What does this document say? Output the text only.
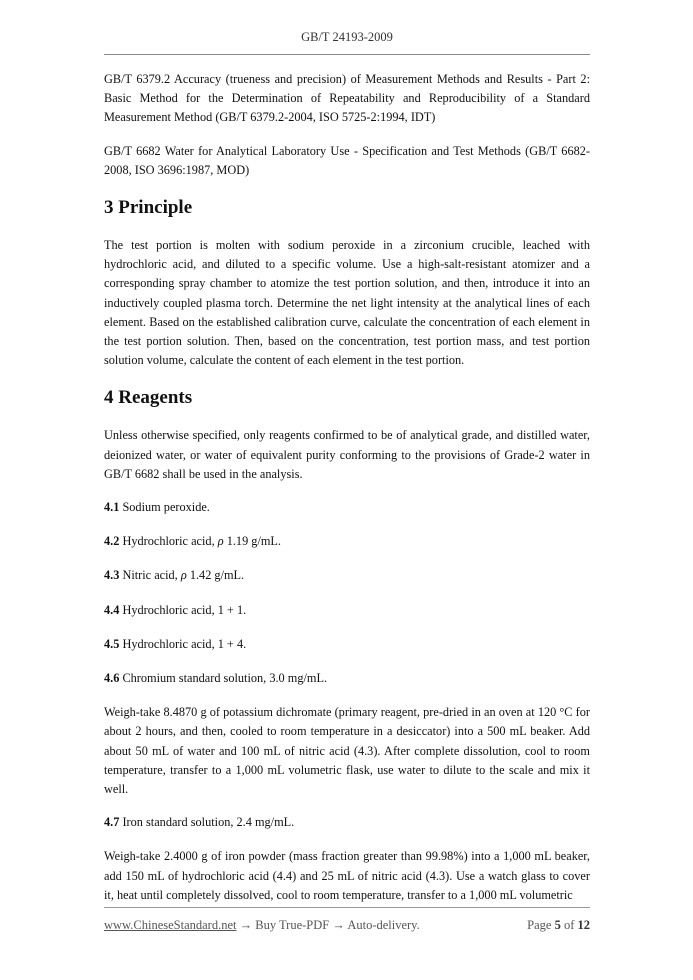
GB/T 24193-2009

GB/T 6379.2 Accuracy (trueness and precision) of Measurement Methods and Results - Part 2: Basic Method for the Determination of Repeatability and Reproducibility of a Standard Measurement Method (GB/T 6379.2-2004, ISO 5725-2:1994, IDT)

GB/T 6682 Water for Analytical Laboratory Use - Specification and Test Methods (GB/T 6682-2008, ISO 3696:1987, MOD)

3 Principle

The test portion is molten with sodium peroxide in a zirconium crucible, leached with hydrochloric acid, and diluted to a specific volume. Use a high-salt-resistant atomizer and a corresponding spray chamber to atomize the test portion solution, and then, introduce it into an inductively coupled plasma torch. Determine the net light intensity at the analytical lines of each element. Based on the established calibration curve, calculate the concentration of each element in the test portion solution. Then, based on the concentration, test portion mass, and test portion solution volume, calculate the content of each element in the test portion.

4 Reagents

Unless otherwise specified, only reagents confirmed to be of analytical grade, and distilled water, deionized water, or water of equivalent purity conforming to the provisions of Grade-2 water in GB/T 6682 shall be used in the analysis.

4.1 Sodium peroxide.

4.2 Hydrochloric acid, ρ 1.19 g/mL.

4.3 Nitric acid, ρ 1.42 g/mL.

4.4 Hydrochloric acid, 1 + 1.

4.5 Hydrochloric acid, 1 + 4.

4.6 Chromium standard solution, 3.0 mg/mL.

Weigh-take 8.4870 g of potassium dichromate (primary reagent, pre-dried in an oven at 120 °C for about 2 hours, and then, cooled to room temperature in a desiccator) into a 500 mL beaker. Add about 50 mL of water and 100 mL of nitric acid (4.3). After complete dissolution, cool to room temperature, transfer to a 1,000 mL volumetric flask, use water to dilute to the scale and mix it well.

4.7 Iron standard solution, 2.4 mg/mL.

Weigh-take 2.4000 g of iron powder (mass fraction greater than 99.98%) into a 1,000 mL beaker, add 150 mL of hydrochloric acid (4.4) and 25 mL of nitric acid (4.3). Use a watch glass to cover it, heat until completely dissolved, cool to room temperature, transfer to a 1,000 mL volumetric

www.ChineseStandard.net → Buy True-PDF → Auto-delivery.	Page 5 of 12
